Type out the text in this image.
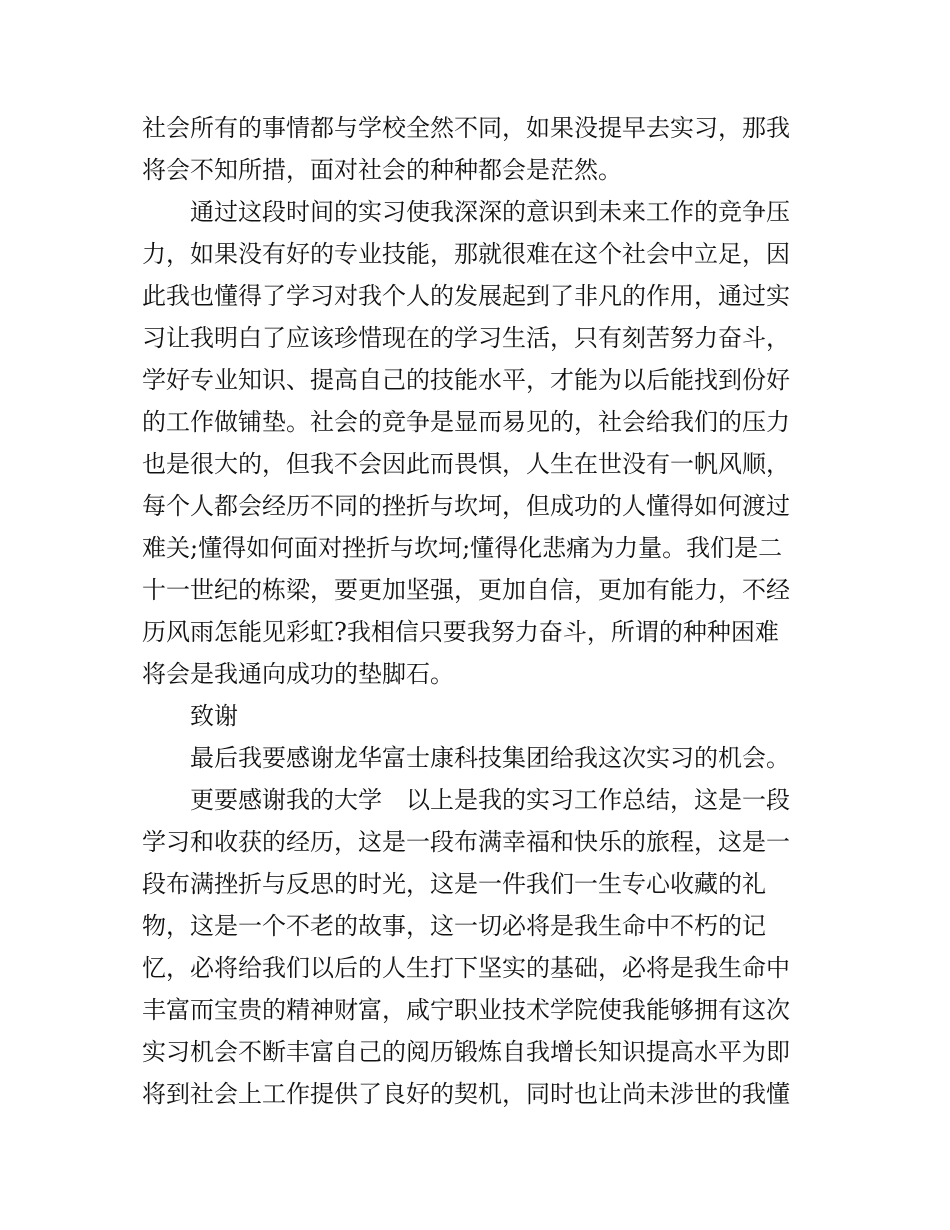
社会所有的事情都与学校全然不同，如果没提早去实习，那我
将会不知所措，面对社会的种种都会是茫然。
通过这段时间的实习使我深深的意识到未来工作的竞争压
力，如果没有好的专业技能，那就很难在这个社会中立足，因
此我也懂得了学习对我个人的发展起到了非凡的作用，通过实
习让我明白了应该珍惜现在的学习生活，只有刻苦努力奋斗，
学好专业知识、提高自己的技能水平，才能为以后能找到份好
的工作做铺垫。社会的竞争是显而易见的，社会给我们的压力
也是很大的，但我不会因此而畏惧，人生在世没有一帆风顺，
每个人都会经历不同的挫折与坎坷，但成功的人懂得如何渡过
难关;懂得如何面对挫折与坎坷;懂得化悲痛为力量。我们是二
十一世纪的栋梁，要更加坚强，更加自信，更加有能力，不经
历风雨怎能见彩虹?我相信只要我努力奋斗，所谓的种种困难
将会是我通向成功的垫脚石。
致谢
最后我要感谢龙华富士康科技集团给我这次实习的机会。
更要感谢我的大学　以上是我的实习工作总结，这是一段
学习和收获的经历，这是一段布满幸福和快乐的旅程，这是一
段布满挫折与反思的时光，这是一件我们一生专心收藏的礼
物，这是一个不老的故事，这一切必将是我生命中不朽的记
忆，必将给我们以后的人生打下坚实的基础，必将是我生命中
丰富而宝贵的精神财富，咸宁职业技术学院使我能够拥有这次
实习机会不断丰富自己的阅历锻炼自我增长知识提高水平为即
将到社会上工作提供了良好的契机，同时也让尚未涉世的我懂
